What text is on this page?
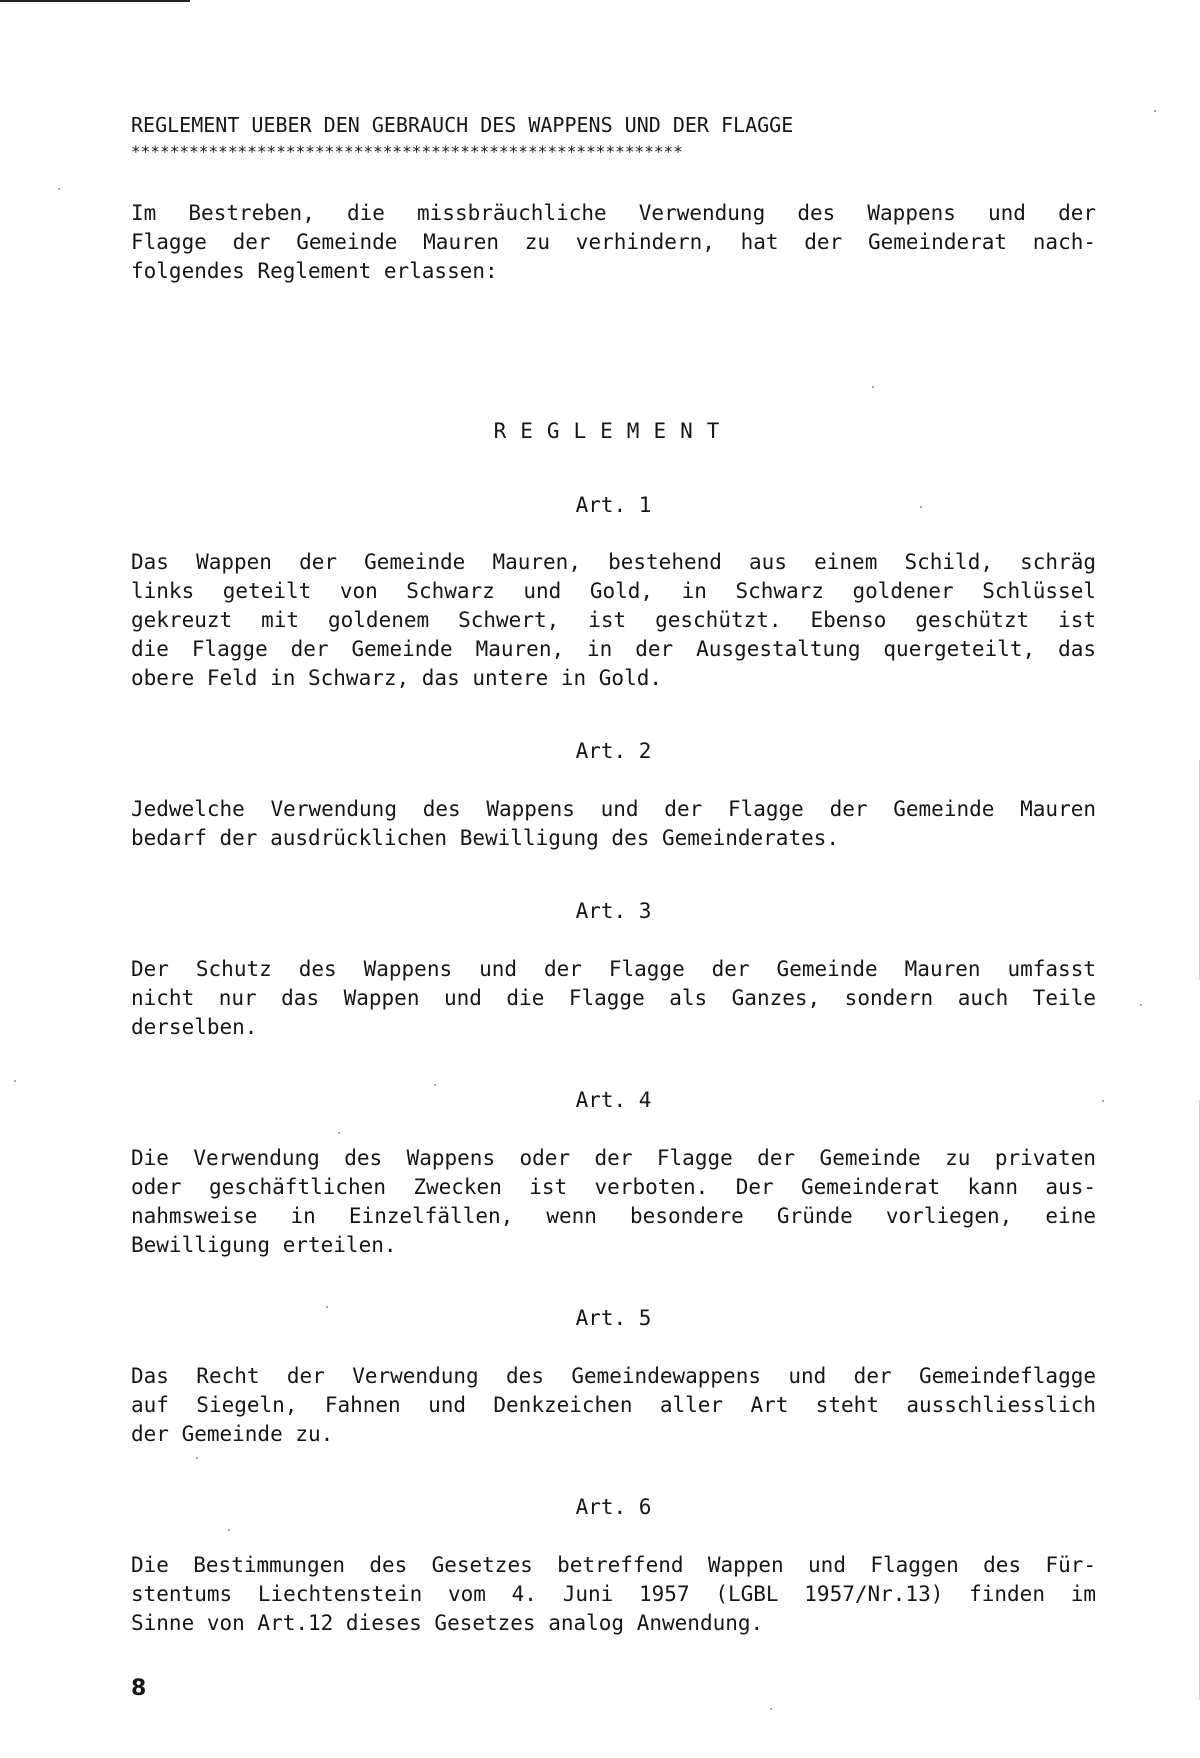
REGLEMENT UEBER DEN GEBRAUCH DES WAPPENS UND DER FLAGGE
*********************************************************
Im Bestreben, die missbräuchliche Verwendung des Wappens und der
Flagge der Gemeinde Mauren zu verhindern, hat der Gemeinderat nach-
folgendes Reglement erlassen:
REGLEMENT
Art. 1
Das Wappen der Gemeinde Mauren, bestehend aus einem Schild, schräg
links geteilt von Schwarz und Gold, in Schwarz goldener Schlüssel
gekreuzt mit goldenem Schwert, ist geschützt. Ebenso geschützt ist
die Flagge der Gemeinde Mauren, in der Ausgestaltung quergeteilt, das
obere Feld in Schwarz, das untere in Gold.
Art. 2
Jedwelche Verwendung des Wappens und der Flagge der Gemeinde Mauren
bedarf der ausdrücklichen Bewilligung des Gemeinderates.
Art. 3
Der Schutz des Wappens und der Flagge der Gemeinde Mauren umfasst
nicht nur das Wappen und die Flagge als Ganzes, sondern auch Teile
derselben.
Art. 4
Die Verwendung des Wappens oder der Flagge der Gemeinde zu privaten
oder geschäftlichen Zwecken ist verboten. Der Gemeinderat kann aus-
nahmsweise in Einzelfällen, wenn besondere Gründe vorliegen, eine
Bewilligung erteilen.
Art. 5
Das Recht der Verwendung des Gemeindewappens und der Gemeindeflagge
auf Siegeln, Fahnen und Denkzeichen aller Art steht ausschliesslich
der Gemeinde zu.
Art. 6
Die Bestimmungen des Gesetzes betreffend Wappen und Flaggen des Für-
stentums Liechtenstein vom 4. Juni 1957 (LGBL 1957/Nr.13) finden im
Sinne von Art.12 dieses Gesetzes analog Anwendung.
8
